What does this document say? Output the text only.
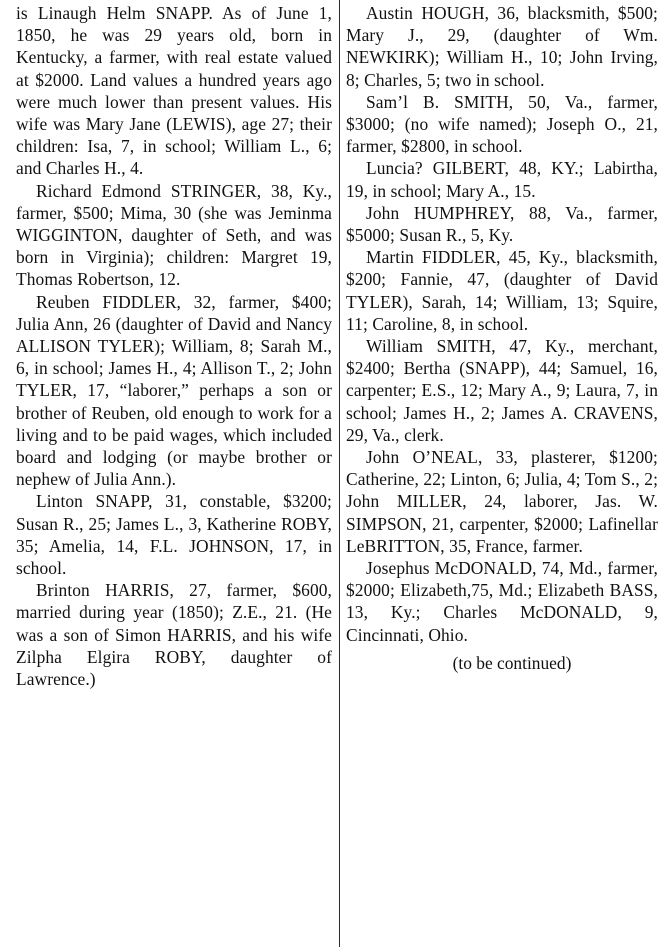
is Linaugh Helm SNAPP. As of June 1, 1850, he was 29 years old, born in Kentucky, a farmer, with real estate valued at $2000. Land values a hundred years ago were much lower than present values. His wife was Mary Jane (LEWIS), age 27; their children: Isa, 7, in school; William L., 6; and Charles H., 4.

Richard Edmond STRINGER, 38, Ky., farmer, $500; Mima, 30 (she was Jeminma WIGGINTON, daughter of Seth, and was born in Virginia); children: Margret 19, Thomas Robertson, 12.

Reuben FIDDLER, 32, farmer, $400; Julia Ann, 26 (daughter of David and Nancy ALLISON TYLER); William, 8; Sarah M., 6, in school; James H., 4; Allison T., 2; John TYLER, 17, “laborer,” perhaps a son or brother of Reuben, old enough to work for a living and to be paid wages, which included board and lodging (or maybe brother or nephew of Julia Ann.).

Linton SNAPP, 31, constable, $3200; Susan R., 25; James L., 3, Katherine ROBY, 35; Amelia, 14, F.L. JOHNSON, 17, in school.

Brinton HARRIS, 27, farmer, $600, married during year (1850); Z.E., 21. (He was a son of Simon HARRIS, and his wife Zilpha Elgira ROBY, daughter of Lawrence.)

Austin HOUGH, 36, blacksmith, $500; Mary J., 29, (daughter of Wm. NEWKIRK); William H., 10; John Irving, 8; Charles, 5; two in school.

Sam’l B. SMITH, 50, Va., farmer, $3000; (no wife named); Joseph O., 21, farmer, $2800, in school.

Luncia? GILBERT, 48, KY.; Labirtha, 19, in school; Mary A., 15.

John HUMPHREY, 88, Va., farmer, $5000; Susan R., 5, Ky.

Martin FIDDLER, 45, Ky., blacksmith, $200; Fannie, 47, (daughter of David TYLER), Sarah, 14; William, 13; Squire, 11; Caroline, 8, in school.

William SMITH, 47, Ky., merchant, $2400; Bertha (SNAPP), 44; Samuel, 16, carpenter; E.S., 12; Mary A., 9; Laura, 7, in school; James H., 2; James A. CRAVENS, 29, Va., clerk.

John O’NEAL, 33, plasterer, $1200; Catherine, 22; Linton, 6; Julia, 4; Tom S., 2; John MILLER, 24, laborer, Jas. W. SIMPSON, 21, carpenter, $2000; Lafinellar LeBRITTON, 35, France, farmer.

Josephus McDONALD, 74, Md., farmer, $2000; Elizabeth,75, Md.; Elizabeth BASS, 13, Ky.; Charles McDONALD, 9, Cincinnati, Ohio.

(to be continued)
